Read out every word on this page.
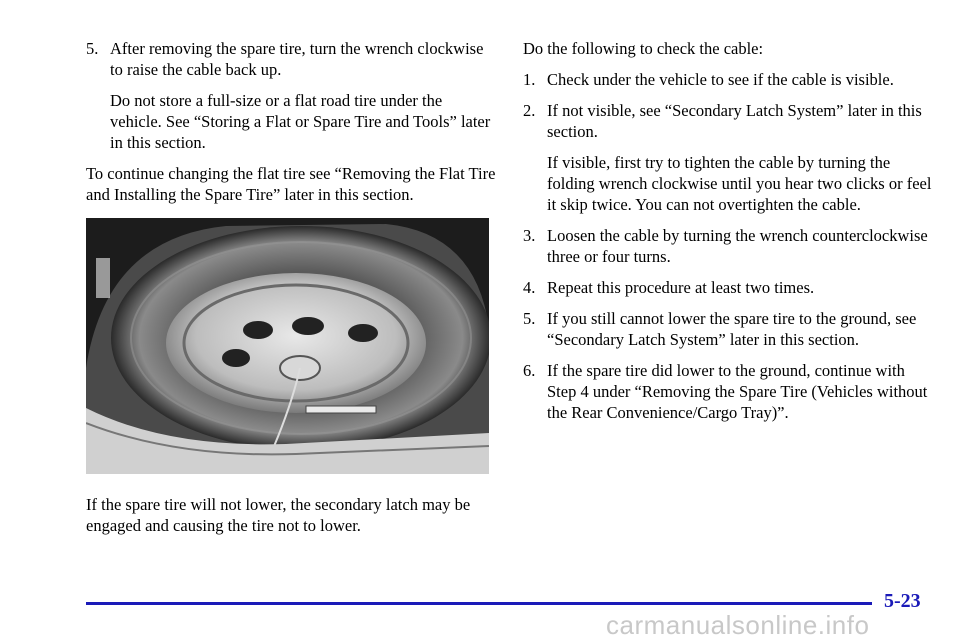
5. After removing the spare tire, turn the wrench clockwise to raise the cable back up.
Do not store a full-size or a flat road tire under the vehicle. See “Storing a Flat or Spare Tire and Tools” later in this section.

To continue changing the flat tire see “Removing the Flat Tire and Installing the Spare Tire” later in this section.

If the spare tire will not lower, the secondary latch may be engaged and causing the tire not to lower.

Do the following to check the cable:

1. Check under the vehicle to see if the cable is visible.
2. If not visible, see “Secondary Latch System” later in this section.
If visible, first try to tighten the cable by turning the folding wrench clockwise until you hear two clicks or feel it skip twice. You can not overtighten the cable.
3. Loosen the cable by turning the wrench counterclockwise three or four turns.
4. Repeat this procedure at least two times.
5. If you still cannot lower the spare tire to the ground, see “Secondary Latch System” later in this section.
6. If the spare tire did lower to the ground, continue with Step 4 under “Removing the Spare Tire (Vehicles without the Rear Convenience/Cargo Tray)”.
5-23
carmanualsonline.info
